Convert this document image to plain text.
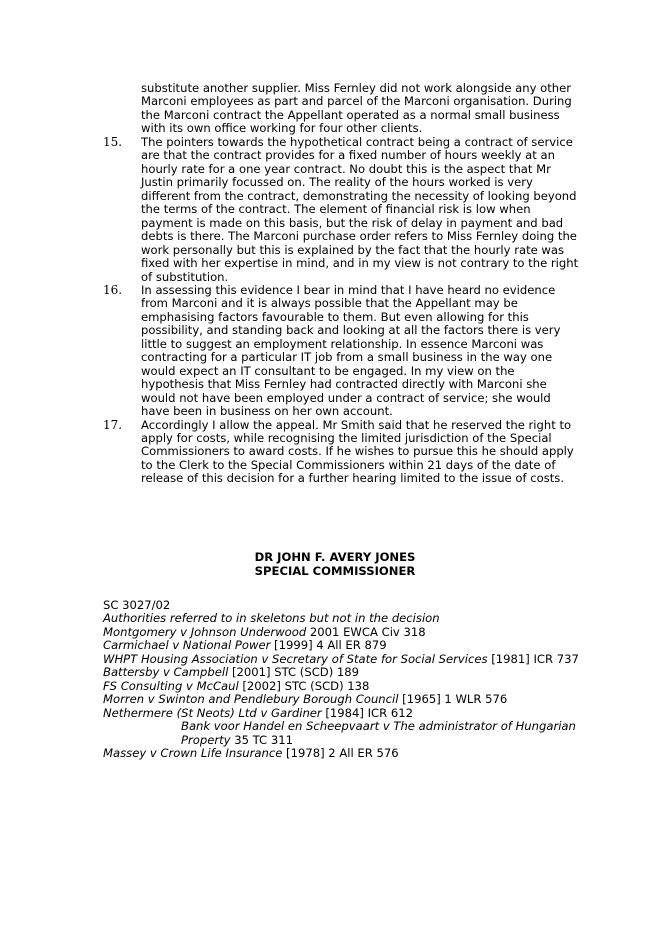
substitute another supplier. Miss Fernley did not work alongside any other Marconi employees as part and parcel of the Marconi organisation. During the Marconi contract the Appellant operated as a normal small business with its own office working for four other clients.

15.	The pointers towards the hypothetical contract being a contract of service are that the contract provides for a fixed number of hours weekly at an hourly rate for a one year contract. No doubt this is the aspect that Mr Justin primarily focussed on. The reality of the hours worked is very different from the contract, demonstrating the necessity of looking beyond the terms of the contract. The element of financial risk is low when payment is made on this basis, but the risk of delay in payment and bad debts is there. The Marconi purchase order refers to Miss Fernley doing the work personally but this is explained by the fact that the hourly rate was fixed with her expertise in mind, and in my view is not contrary to the right of substitution.

16.	In assessing this evidence I bear in mind that I have heard no evidence from Marconi and it is always possible that the Appellant may be emphasising factors favourable to them. But even allowing for this possibility, and standing back and looking at all the factors there is very little to suggest an employment relationship. In essence Marconi was contracting for a particular IT job from a small business in the way one would expect an IT consultant to be engaged. In my view on the hypothesis that Miss Fernley had contracted directly with Marconi she would not have been employed under a contract of service; she would have been in business on her own account.

17.	Accordingly I allow the appeal. Mr Smith said that he reserved the right to apply for costs, while recognising the limited jurisdiction of the Special Commissioners to award costs. If he wishes to pursue this he should apply to the Clerk to the Special Commissioners within 21 days of the date of release of this decision for a further hearing limited to the issue of costs.

DR JOHN F. AVERY JONES
SPECIAL COMMISSIONER
SC 3027/02
Authorities referred to in skeletons but not in the decision
Montgomery v Johnson Underwood 2001 EWCA Civ 318
Carmichael v National Power [1999] 4 All ER 879
WHPT Housing Association v Secretary of State for Social Services [1981] ICR 737
Battersby v Campbell [2001] STC (SCD) 189
FS Consulting v McCaul [2002] STC (SCD) 138
Morren v Swinton and Pendlebury Borough Council [1965] 1 WLR 576
Nethermere (St Neots) Ltd v Gardiner [1984] ICR 612
Bank voor Handel en Scheepvaart v The administrator of Hungarian Property 35 TC 311
Massey v Crown Life Insurance [1978] 2 All ER 576
